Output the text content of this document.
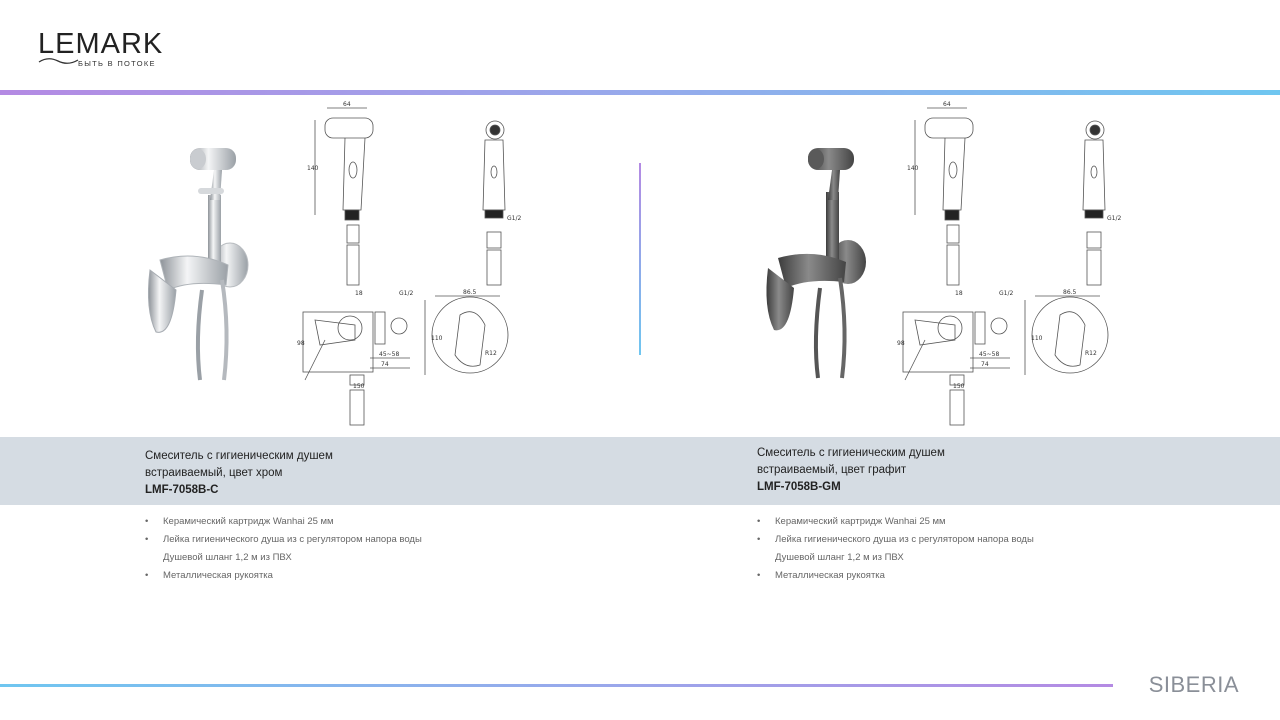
LEMARK
БЫТЬ В ПОТОКЕ
64
140
G1/2
18	G1/2
45~58
74
98
110
86.5
150
R12
64
140
G1/2
18	G1/2
45~58
74
98
110
86.5
150
R12
Смеситель с гигиеническим душем
встраиваемый, цвет хром
LMF-7058B-C
Смеситель с гигиеническим душем
встраиваемый, цвет графит
LMF-7058B-GM
• Керамический картридж Wanhai 25 мм
• Лейка гигиенического душа из с регулятором напора воды
Душевой шланг 1,2 м из ПВХ
• Металлическая рукоятка
• Керамический картридж Wanhai 25 мм
• Лейка гигиенического душа из с регулятором напора воды
Душевой шланг 1,2 м из ПВХ
• Металлическая рукоятка
SIBERIA
